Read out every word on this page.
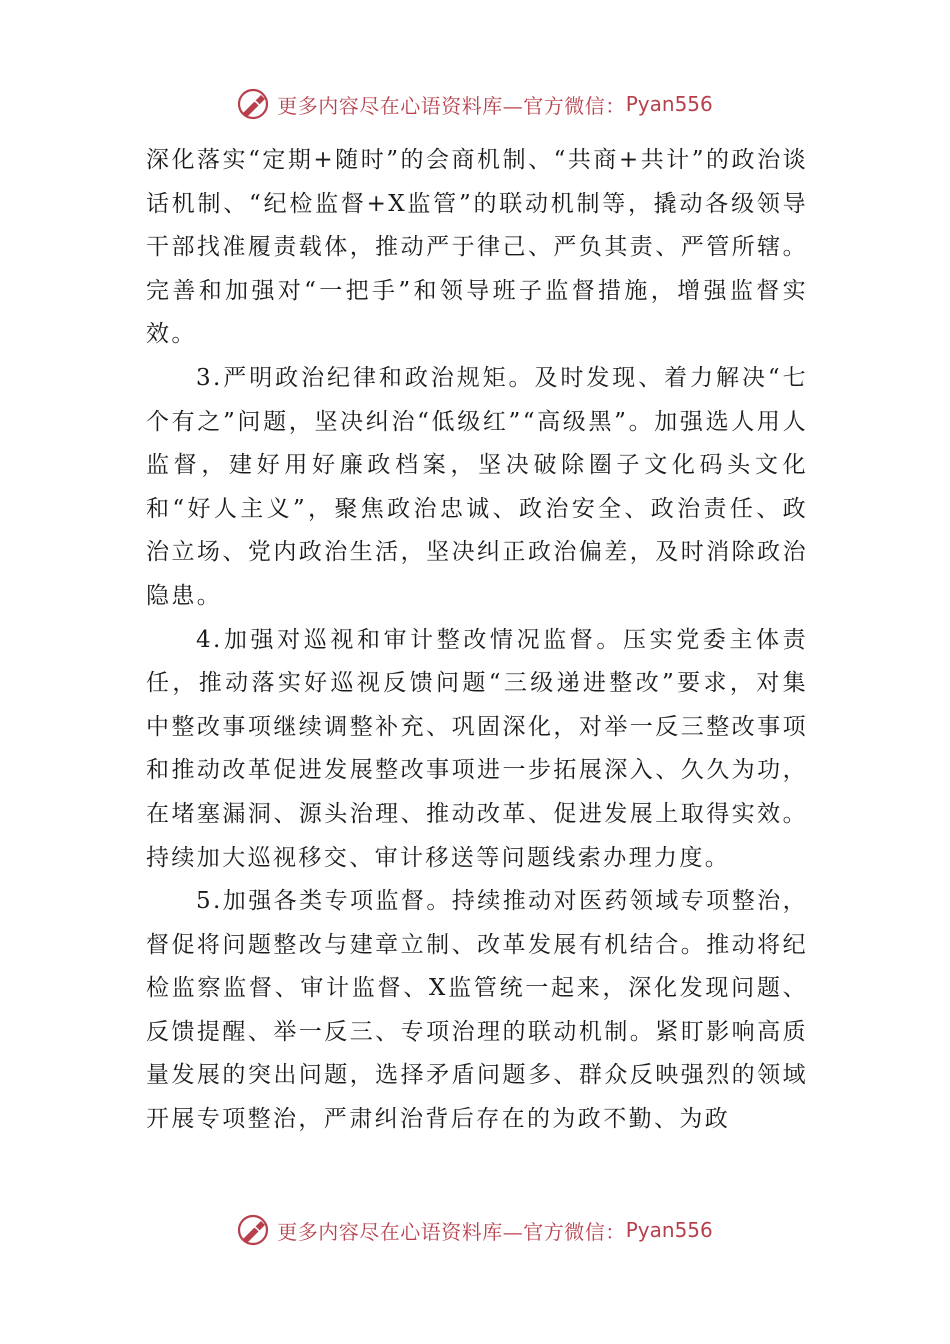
更多内容尽在心语资料库—官方微信： Pyan556

深化落实“定期+随时”的会商机制、“共商+共计”的政治谈话机制、“纪检监督+X监管”的联动机制等，撬动各级领导干部找准履责载体，推动严于律己、严负其责、严管所辖。完善和加强对“一把手”和领导班子监督措施，增强监督实效。

3.严明政治纪律和政治规矩。及时发现、着力解决“七个有之”问题，坚决纠治“低级红”“高级黑”。加强选人用人监督，建好用好廉政档案，坚决破除圈子文化码头文化和“好人主义”，聚焦政治忠诚、政治安全、政治责任、政治立场、党内政治生活，坚决纠正政治偏差，及时消除政治隐患。

4.加强对巡视和审计整改情况监督。压实党委主体责任，推动落实好巡视反馈问题“三级递进整改”要求，对集中整改事项继续调整补充、巩固深化，对举一反三整改事项和推动改革促进发展整改事项进一步拓展深入、久久为功，在堵塞漏洞、源头治理、推动改革、促进发展上取得实效。持续加大巡视移交、审计移送等问题线索办理力度。

5.加强各类专项监督。持续推动对医药领域专项整治，督促将问题整改与建章立制、改革发展有机结合。推动将纪检监察监督、审计监督、X监管统一起来，深化发现问题、反馈提醒、举一反三、专项治理的联动机制。紧盯影响高质量发展的突出问题，选择矛盾问题多、群众反映强烈的领域开展专项整治，严肃纠治背后存在的为政不勤、为政

更多内容尽在心语资料库—官方微信： Pyan556
